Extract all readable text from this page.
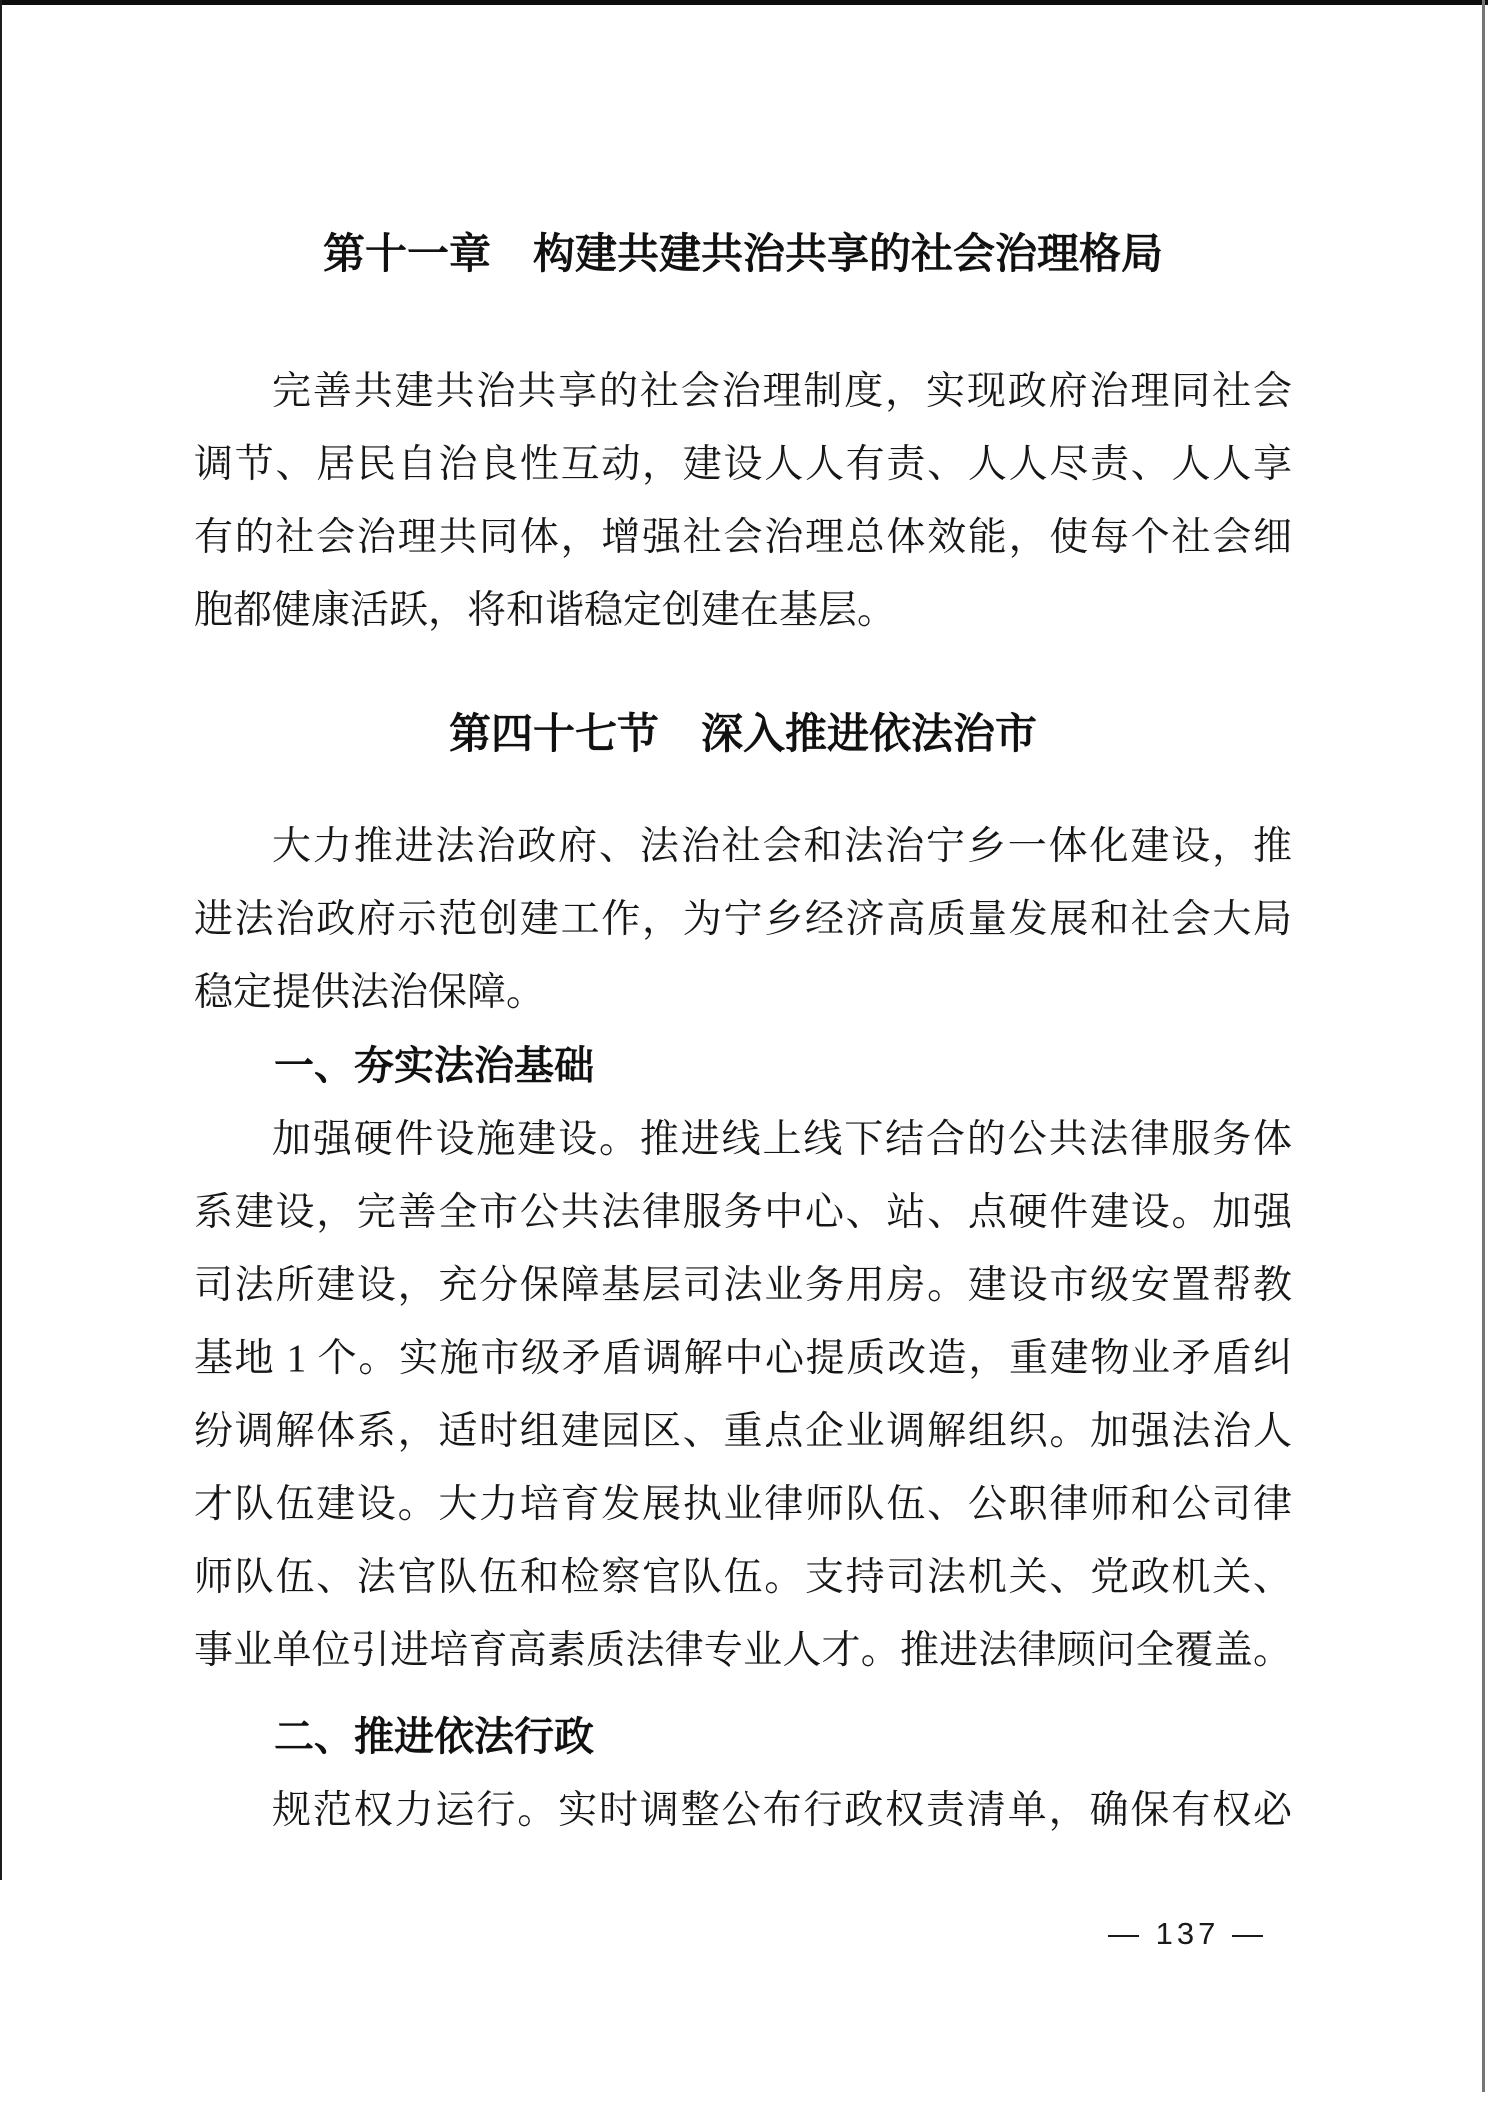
第十一章　构建共建共治共享的社会治理格局
完善共建共治共享的社会治理制度，实现政府治理同社会
调节、居民自治良性互动，建设人人有责、人人尽责、人人享
有的社会治理共同体，增强社会治理总体效能，使每个社会细
胞都健康活跃，将和谐稳定创建在基层。
第四十七节　深入推进依法治市
大力推进法治政府、法治社会和法治宁乡一体化建设，推
进法治政府示范创建工作，为宁乡经济高质量发展和社会大局
稳定提供法治保障。
一、夯实法治基础
加强硬件设施建设。推进线上线下结合的公共法律服务体
系建设，完善全市公共法律服务中心、站、点硬件建设。加强
司法所建设，充分保障基层司法业务用房。建设市级安置帮教
基地 1 个。实施市级矛盾调解中心提质改造，重建物业矛盾纠
纷调解体系，适时组建园区、重点企业调解组织。加强法治人
才队伍建设。大力培育发展执业律师队伍、公职律师和公司律
师队伍、法官队伍和检察官队伍。支持司法机关、党政机关、
事业单位引进培育高素质法律专业人才。推进法律顾问全覆盖。
二、推进依法行政
规范权力运行。实时调整公布行政权责清单，确保有权必
— 137 —
